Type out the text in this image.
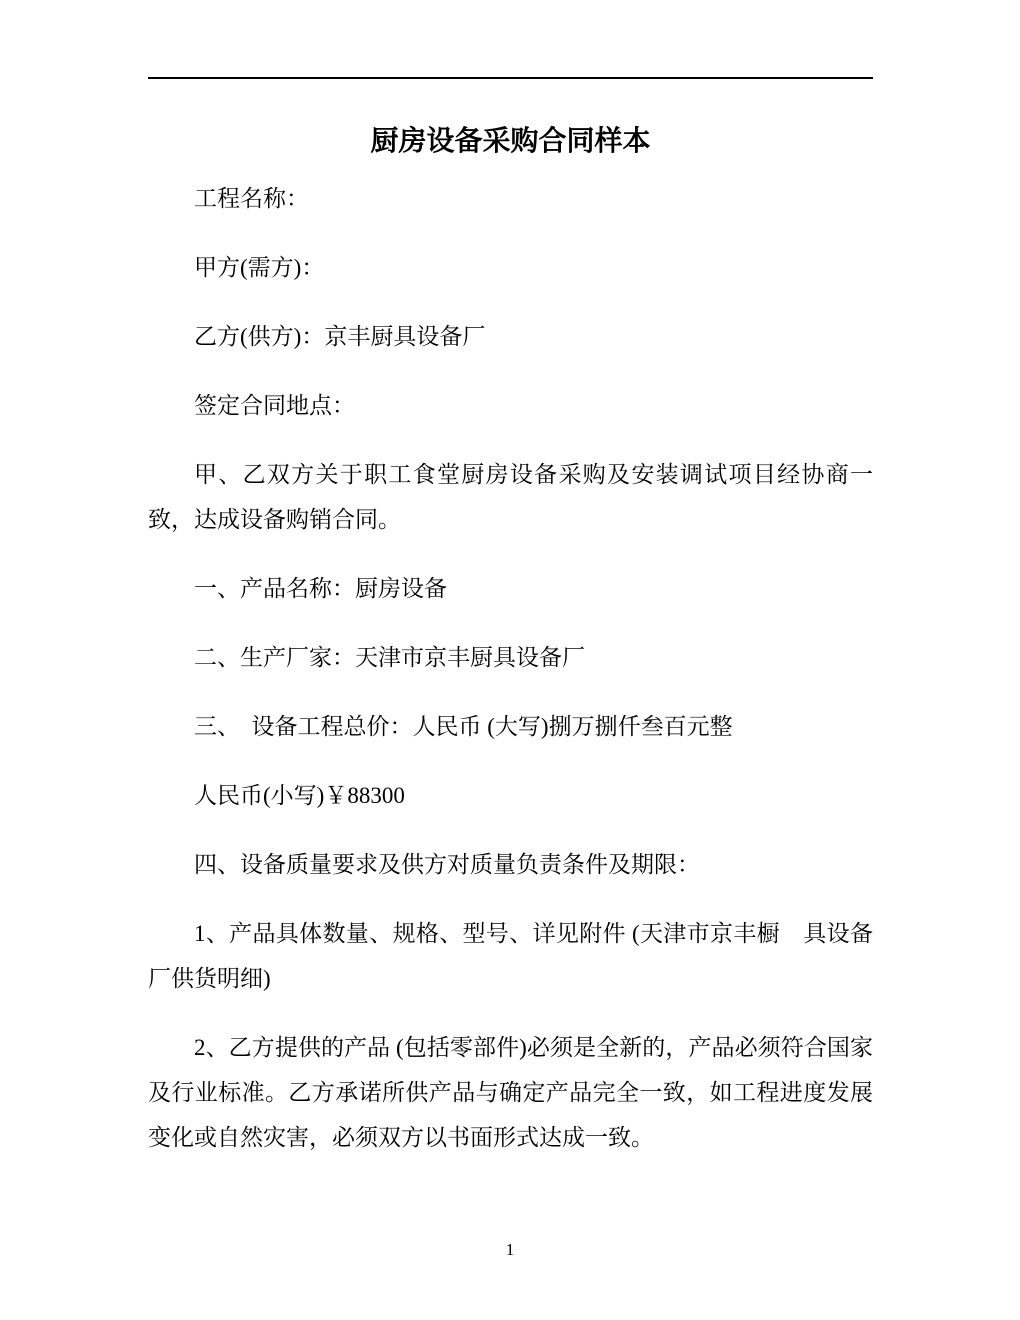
厨房设备采购合同样本

工程名称：

甲方(需方)：

乙方(供方)：京丰厨具设备厂

签定合同地点：

甲、乙双方关于职工食堂厨房设备采购及安装调试项目经协商一致，达成设备购销合同。

一、产品名称：厨房设备

二、生产厂家：天津市京丰厨具设备厂

三、　设备工程总价：人民币 (大写)捌万捌仟叁百元整

人民币(小写)￥88300

四、设备质量要求及供方对质量负责条件及期限：

1、产品具体数量、规格、型号、详见附件 (天津市京丰橱　具设备厂供货明细)

2、乙方提供的产品 (包括零部件)必须是全新的，产品必须符合国家及行业标准。乙方承诺所供产品与确定产品完全一致，如工程进度发展变化或自然灾害，必须双方以书面形式达成一致。

1
